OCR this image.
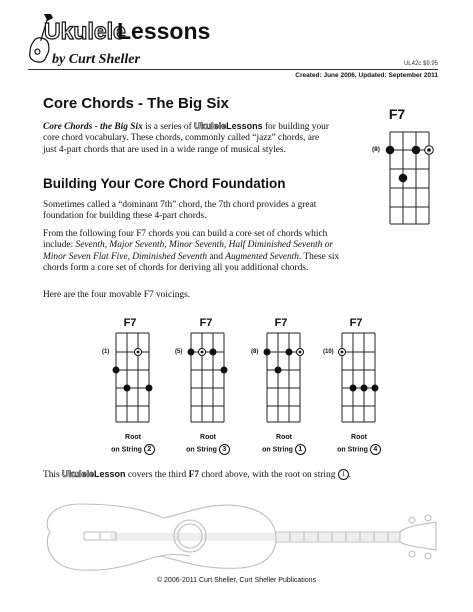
Ukulele
Lessons
by Curt Sheller	UL42c $9.95
Created: June 2006, Updated: September 2011
Core Chords - The Big Six
Core Chords - the Big Six is a series of UkuleleLessons for building your core chord vocabulary. These chords, commonly called “jazz” chords, are just 4-part chords that are used in a wide range of musical styles.
Building Your Core Chord Foundation
Sometimes called a “dominant 7th” chord, the 7th chord provides a great foundation for building these 4-part chords.
From the following four F7 chords you can build a core set of chords which include: Seventh, Major Seventh, Minor Seventh, Half Diminished Seventh or Minor Seven Flat Five, Diminished Seventh and Augmented Seventh. These six chords form a core set of chords for deriving all you additional chords.
Here are the four movable F7 voicings.
F7
(8)
F7
(1)
Root
on String 2
F7
(5)
Root
on String 3
F7
(8)
Root
on String 1
F7
(10)
Root
on String 4
This UkuleleLesson covers the third F7 chord above, with the root on string 1 .
© 2006-2011 Curt Sheller, Curt Sheller Publications
